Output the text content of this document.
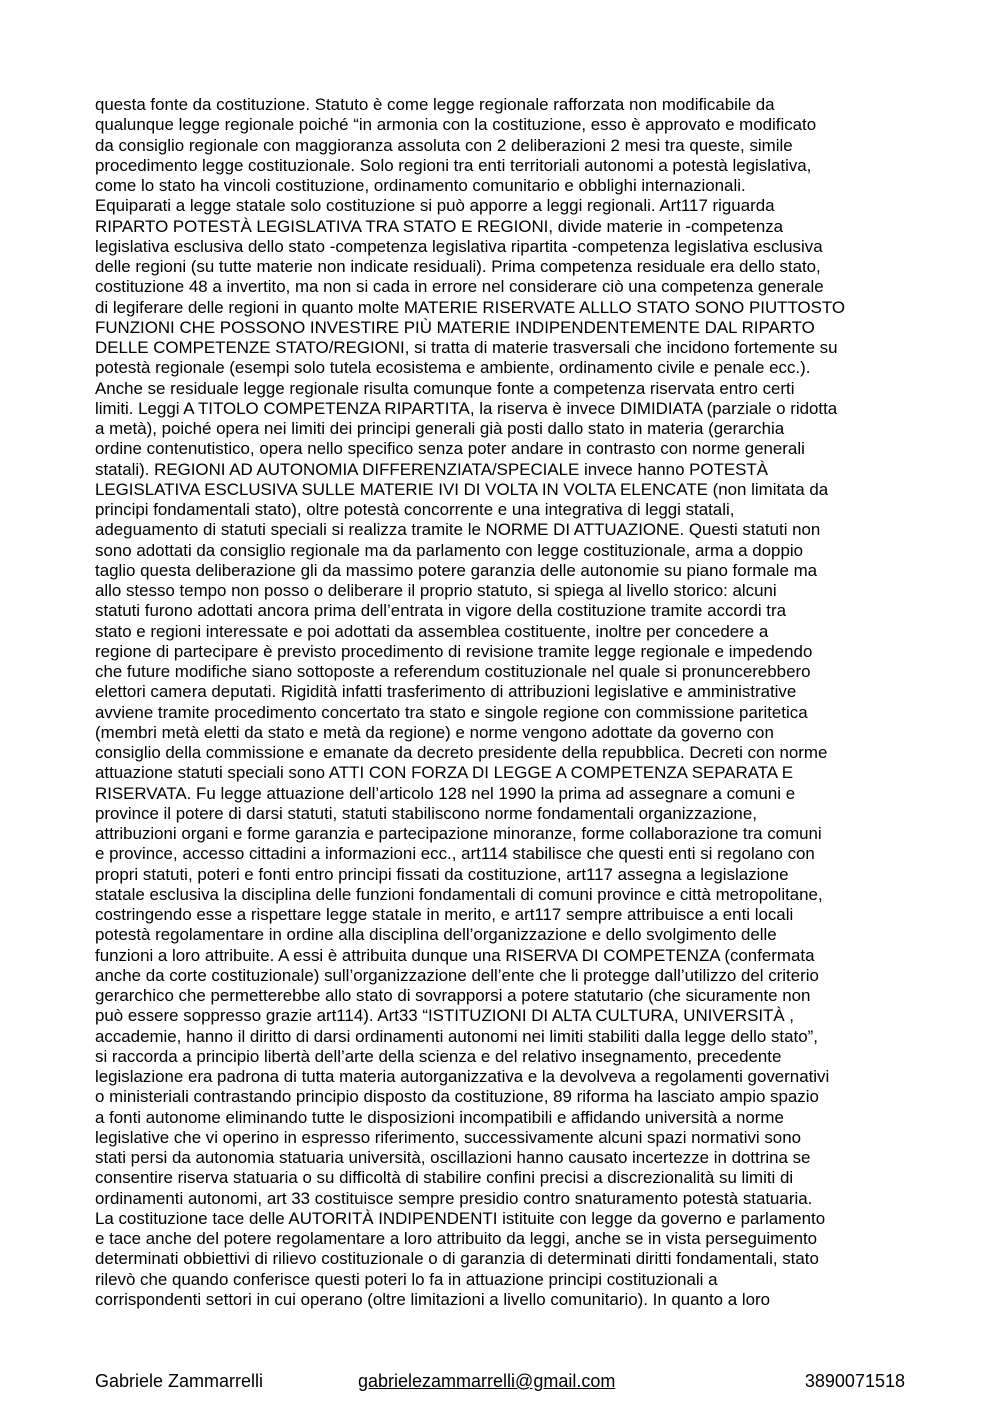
questa fonte da costituzione. Statuto è come legge regionale rafforzata non modificabile da
qualunque legge regionale poiché “in armonia con la costituzione, esso è approvato e modificato
da consiglio regionale con maggioranza assoluta con 2 deliberazioni 2 mesi tra queste, simile
procedimento legge costituzionale. Solo regioni tra enti territoriali autonomi a potestà legislativa,
come lo stato ha vincoli costituzione, ordinamento comunitario e obblighi internazionali.
Equiparati a legge statale solo costituzione si può apporre a leggi regionali. Art117 riguarda
RIPARTO POTESTÀ LEGISLATIVA TRA STATO E REGIONI, divide materie in -competenza
legislativa esclusiva dello stato -competenza legislativa ripartita -competenza legislativa esclusiva
delle regioni (su tutte materie non indicate residuali). Prima competenza residuale era dello stato,
costituzione 48 a invertito, ma non si cada in errore nel considerare ciò una competenza generale
di legiferare delle regioni in quanto molte MATERIE RISERVATE ALLLO STATO SONO PIUTTOSTO
FUNZIONI CHE POSSONO INVESTIRE PIÙ MATERIE INDIPENDENTEMENTE DAL RIPARTO
DELLE COMPETENZE STATO/REGIONI, si tratta di materie trasversali che incidono fortemente su
potestà regionale (esempi solo tutela ecosistema e ambiente, ordinamento civile e penale ecc.).
Anche se residuale legge regionale risulta comunque fonte a competenza riservata entro certi
limiti. Leggi A TITOLO COMPETENZA RIPARTITA, la riserva è invece DIMIDIATA (parziale o ridotta
a metà), poiché opera nei limiti dei principi generali già posti dallo stato in materia (gerarchia
ordine contenutistico, opera nello specifico senza poter andare in contrasto con norme generali
statali). REGIONI AD AUTONOMIA DIFFERENZIATA/SPECIALE invece hanno POTESTÀ
LEGISLATIVA ESCLUSIVA SULLE MATERIE IVI DI VOLTA IN VOLTA ELENCATE (non limitata da
principi fondamentali stato), oltre potestà concorrente e una integrativa di leggi statali,
adeguamento di statuti speciali si realizza tramite le NORME DI ATTUAZIONE. Questi statuti non
sono adottati da consiglio regionale ma da parlamento con legge costituzionale, arma a doppio
taglio questa deliberazione gli da massimo potere garanzia delle autonomie su piano formale ma
allo stesso tempo non posso o deliberare il proprio statuto, si spiega al livello storico: alcuni
statuti furono adottati ancora prima dell’entrata in vigore della costituzione tramite accordi tra
stato e regioni interessate e poi adottati da assemblea costituente, inoltre per concedere a
regione di partecipare è previsto procedimento di revisione tramite legge regionale e impedendo
che future modifiche siano sottoposte a referendum costituzionale nel quale si pronuncerebbero
elettori camera deputati. Rigidità infatti trasferimento di attribuzioni legislative e amministrative
avviene tramite procedimento concertato tra stato e singole regione con commissione paritetica
(membri metà eletti da stato e metà da regione) e norme vengono adottate da governo con
consiglio della commissione e emanate da decreto presidente della repubblica. Decreti con norme
attuazione statuti speciali sono ATTI CON FORZA DI LEGGE A COMPETENZA SEPARATA E
RISERVATA. Fu legge attuazione dell’articolo 128 nel 1990 la prima ad assegnare a comuni e
province il potere di darsi statuti, statuti stabiliscono norme fondamentali organizzazione,
attribuzioni organi e forme garanzia e partecipazione minoranze, forme collaborazione tra comuni
e province, accesso cittadini a informazioni ecc., art114 stabilisce che questi enti si regolano con
propri statuti, poteri e fonti entro principi fissati da costituzione, art117 assegna a legislazione
statale esclusiva la disciplina delle funzioni fondamentali di comuni province e città metropolitane,
costringendo esse a rispettare legge statale in merito, e art117 sempre attribuisce a enti locali
potestà regolamentare in ordine alla disciplina dell’organizzazione e dello svolgimento delle
funzioni a loro attribuite. A essi è attribuita dunque una RISERVA DI COMPETENZA (confermata
anche da corte costituzionale) sull’organizzazione dell’ente che li protegge dall’utilizzo del criterio
gerarchico che permetterebbe allo stato di sovrapporsi a potere statutario (che sicuramente non
può essere soppresso grazie art114). Art33 “ISTITUZIONI DI ALTA CULTURA, UNIVERSITÀ ,
accademie, hanno il diritto di darsi ordinamenti autonomi nei limiti stabiliti dalla legge dello stato”,
si raccorda a principio libertà dell’arte della scienza e del relativo insegnamento, precedente
legislazione era padrona di tutta materia autorganizzativa e la devolveva a regolamenti governativi
o ministeriali contrastando principio disposto da costituzione, 89 riforma ha lasciato ampio spazio
a fonti autonome eliminando tutte le disposizioni incompatibili e affidando università a norme
legislative che vi operino in espresso riferimento, successivamente alcuni spazi normativi sono
stati persi da autonomia statuaria università, oscillazioni hanno causato incertezze in dottrina se
consentire riserva statuaria o su difficoltà di stabilire confini precisi a discrezionalità su limiti di
ordinamenti autonomi, art 33 costituisce sempre presidio contro snaturamento potestà statuaria.
La costituzione tace delle AUTORITÀ INDIPENDENTI istituite con legge da governo e parlamento
e tace anche del potere regolamentare a loro attribuito da leggi, anche se in vista perseguimento
determinati obbiettivi di rilievo costituzionale o di garanzia di determinati diritti fondamentali, stato
rilevò che quando conferisce questi poteri lo fa in attuazione principi costituzionali a
corrispondenti settori in cui operano (oltre limitazioni a livello comunitario). In quanto a loro
Gabriele Zammarrelli	gabrielezammarrelli@gmail.com	3890071518
